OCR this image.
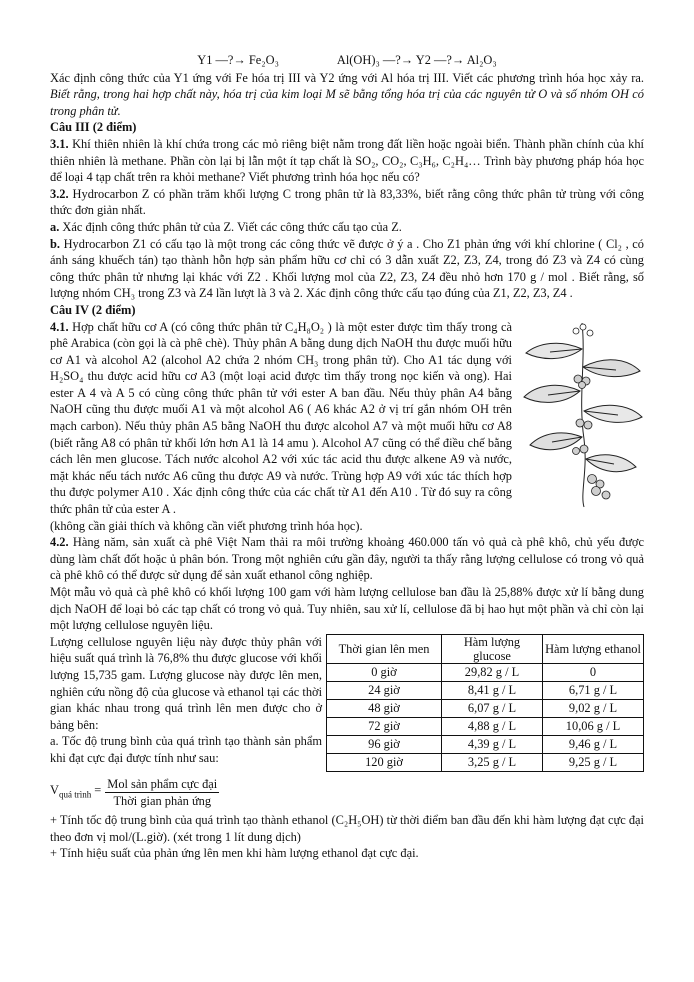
Y1 —?→ Fe₂O₃	Al(OH)₃ —?→ Y2 —?→ Al₂O₃

Xác định công thức của Y1 ứng với Fe hóa trị III và Y2 ứng với Al hóa trị III. Viết các phương trình hóa học xảy ra. Biết rằng, trong hai hợp chất này, hóa trị của kim loại M sẽ bằng tổng hóa trị của các nguyên tử O và số nhóm OH có trong phân tử.

Câu III (2 điểm)

3.1. Khí thiên nhiên là khí chứa trong các mỏ riêng biệt nằm trong đất liền hoặc ngoài biển. Thành phần chính của khí thiên nhiên là methane. Phần còn lại bị lẫn một ít tạp chất là SO₂, CO₂, C₃H₆, C₂H₄… Trình bày phương pháp hóa học để loại 4 tạp chất trên ra khỏi methane? Viết phương trình hóa học nếu có?

3.2. Hydrocarbon Z có phần trăm khối lượng C trong phân tử là 83,33%, biết rằng công thức phân tử trùng với công thức đơn giản nhất.

a. Xác định công thức phân tử của Z. Viết các công thức cấu tạo của Z.

b. Hydrocarbon Z1 có cấu tạo là một trong các công thức vẽ được ở ý a . Cho Z1 phản ứng với khí chlorine ( Cl₂ , có ánh sáng khuếch tán) tạo thành hỗn hợp sản phẩm hữu cơ chỉ có 3 dẫn xuất Z2, Z3, Z4, trong đó Z3 và Z4 có cùng công thức phân tử nhưng lại khác với Z2 . Khối lượng mol của Z2, Z3, Z4 đều nhỏ hơn 170 g / mol . Biết rằng, số lượng nhóm CH₃ trong Z3 và Z4 lần lượt là 3 và 2. Xác định công thức cấu tạo đúng của Z1, Z2, Z3, Z4 .

Câu IV (2 điểm)

4.1. Hợp chất hữu cơ A (có công thức phân tử C₄H₈O₂ ) là một ester được tìm thấy trong cà phê Arabica (còn gọi là cà phê chè). Thủy phân A bằng dung dịch NaOH thu được muối hữu cơ A1 và alcohol A2 (alcohol A2 chứa 2 nhóm CH₃ trong phân tử). Cho A1 tác dụng với H₂SO₄ thu được acid hữu cơ A3 (một loại acid được tìm thấy trong nọc kiến và ong). Hai ester A 4 và A 5 có cùng công thức phân tử với ester A ban đầu. Nếu thủy phân A4 bằng NaOH cũng thu được muối A1 và một alcohol A6 ( A6 khác A2 ở vị trí gắn nhóm OH trên mạch carbon). Nếu thủy phân A5 bằng NaOH thu được alcohol A7 và một muối hữu cơ A8 (biết rằng A8 có phân tử khối lớn hơn A1 là 14 amu ). Alcohol A7 cũng có thể điều chế bằng cách lên men glucose. Tách nước alcohol A2 với xúc tác acid thu được alkene A9 và nước, mặt khác nếu tách nước A6 cũng thu được A9 và nước. Trùng hợp A9 với xúc tác thích hợp thu được polymer A10 . Xác định công thức của các chất từ A1 đến A10 . Từ đó suy ra công thức phân tử của ester A .

(không cần giải thích và không cần viết phương trình hóa học).

4.2. Hàng năm, sản xuất cà phê Việt Nam thải ra môi trường khoảng 460.000 tấn vỏ quả cà phê khô, chủ yếu được dùng làm chất đốt hoặc ủ phân bón. Trong một nghiên cứu gần đây, người ta thấy rằng lượng cellulose có trong vỏ quả cà phê khô có thể được sử dụng để sản xuất ethanol công nghiệp.

Một mẫu vỏ quả cà phê khô có khối lượng 100 gam với hàm lượng cellulose ban đầu là 25,88% được xử lí bằng dung dịch NaOH để loại bỏ các tạp chất có trong vỏ quả. Tuy nhiên, sau xử lí, cellulose đã bị hao hụt một phần và chỉ còn lại một lượng cellulose nguyên liệu.

Lượng cellulose nguyên liệu này được thủy phân với hiệu suất quá trình là 76,8% thu được glucose với khối lượng 15,735 gam. Lượng glucose này được lên men, nghiên cứu nồng độ của glucose và ethanol tại các thời gian khác nhau trong quá trình lên men được cho ở bảng bên:

a. Tốc độ trung bình của quá trình tạo thành sản phẩm khi đạt cực đại được tính như sau:

Thời gian lên men	Hàm lượng glucose	Hàm lượng ethanol
0 giờ	29,82 g / L	0
24 giờ	8,41 g / L	6,71 g / L
48 giờ	6,07 g / L	9,02 g / L
72 giờ	4,88 g / L	10,06 g / L
96 giờ	4,39 g / L	9,46 g / L
120 giờ	3,25 g / L	9,25 g / L
$V_{quá trình} = \frac{\text{Mol sản phẩm cực đại}}{\text{Thời gian phản ứng}}$

+ Tính tốc độ trung bình của quá trình tạo thành ethanol (C₂H₅OH) từ thời điểm ban đầu đến khi hàm lượng đạt cực đại theo đơn vị mol/(L.giờ). (xét trong 1 lít dung dịch)

+ Tính hiệu suất của phản ứng lên men khi hàm lượng ethanol đạt cực đại.
